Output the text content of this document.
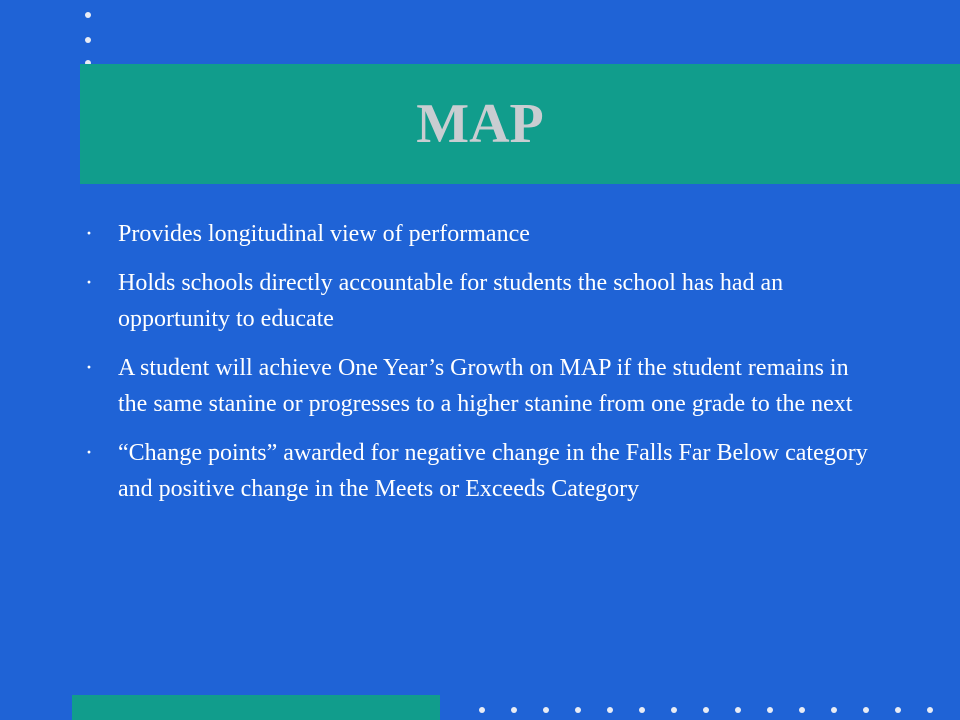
MAP
· Provides longitudinal view of performance
· Holds schools directly accountable for students the school has had an opportunity to educate
· A student will achieve One Year’s Growth on MAP if the student remains in the same stanine or progresses to a higher stanine from one grade to the next
· “Change points” awarded for negative change in the Falls Far Below category and positive change in the Meets or Exceeds Category
